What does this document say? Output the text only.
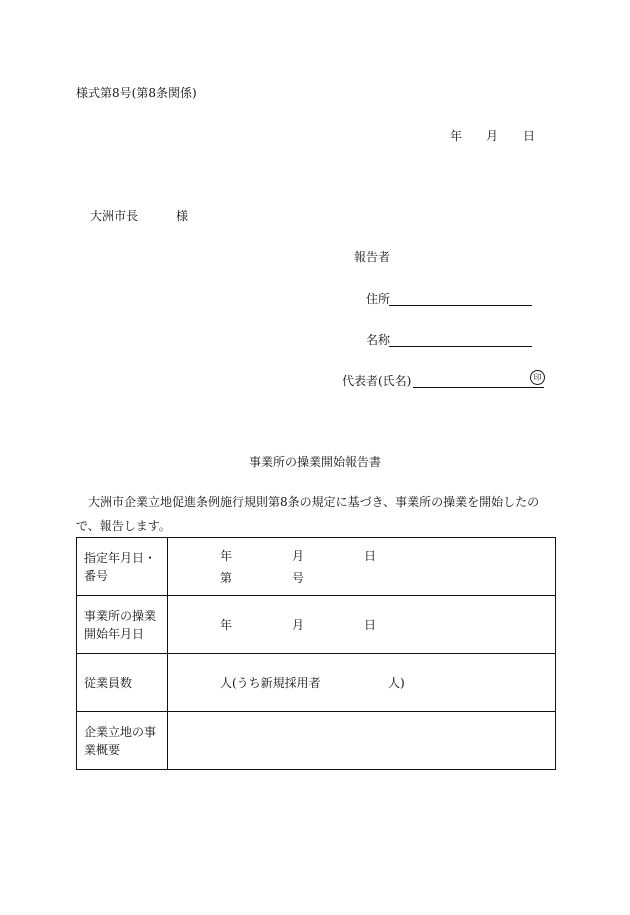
様式第8号(第8条関係)
年 月 日
大洲市長	様
報告者
住所
名称
代表者(氏名)	印
事業所の操業開始報告書
大洲市企業立地促進条例施行規則第8条の規定に基づき、事業所の操業を開始したので、報告します。
指定年月日・番号	年 月 日
第 号

事業所の操業開始年月日	年 月 日

従業員数	人(うち新規採用者 人)

企業立地の事業概要	
